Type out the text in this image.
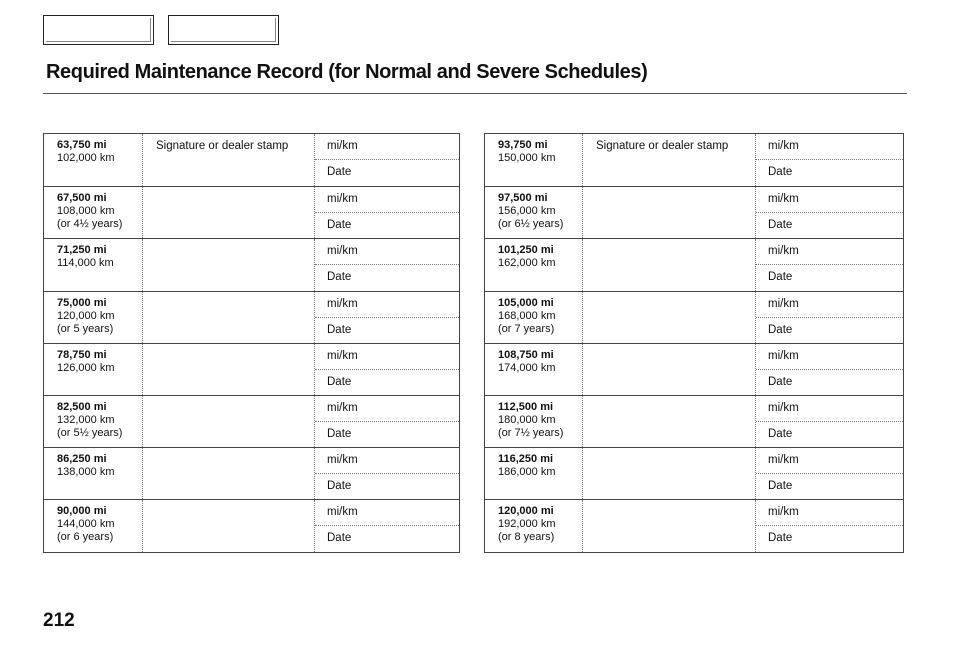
Required Maintenance Record (for Normal and Severe Schedules)
63,750 mi
102,000 km
Signature or dealer stamp	mi/km
Date
67,500 mi
108,000 km
(or 4½ years)
mi/km
Date
71,250 mi
114,000 km
mi/km
Date
75,000 mi
120,000 km
(or 5 years)
mi/km
Date
78,750 mi
126,000 km
mi/km
Date
82,500 mi
132,000 km
(or 5½ years)
mi/km
Date
86,250 mi
138,000 km
mi/km
Date
90,000 mi
144,000 km
(or 6 years)
mi/km
Date
93,750 mi
150,000 km
Signature or dealer stamp	mi/km
Date
97,500 mi
156,000 km
(or 6½ years)
mi/km
Date
101,250 mi
162,000 km
mi/km
Date
105,000 mi
168,000 km
(or 7 years)
mi/km
Date
108,750 mi
174,000 km
mi/km
Date
112,500 mi
180,000 km
(or 7½ years)
mi/km
Date
116,250 mi
186,000 km
mi/km
Date
120,000 mi
192,000 km
(or 8 years)
mi/km
Date
212
